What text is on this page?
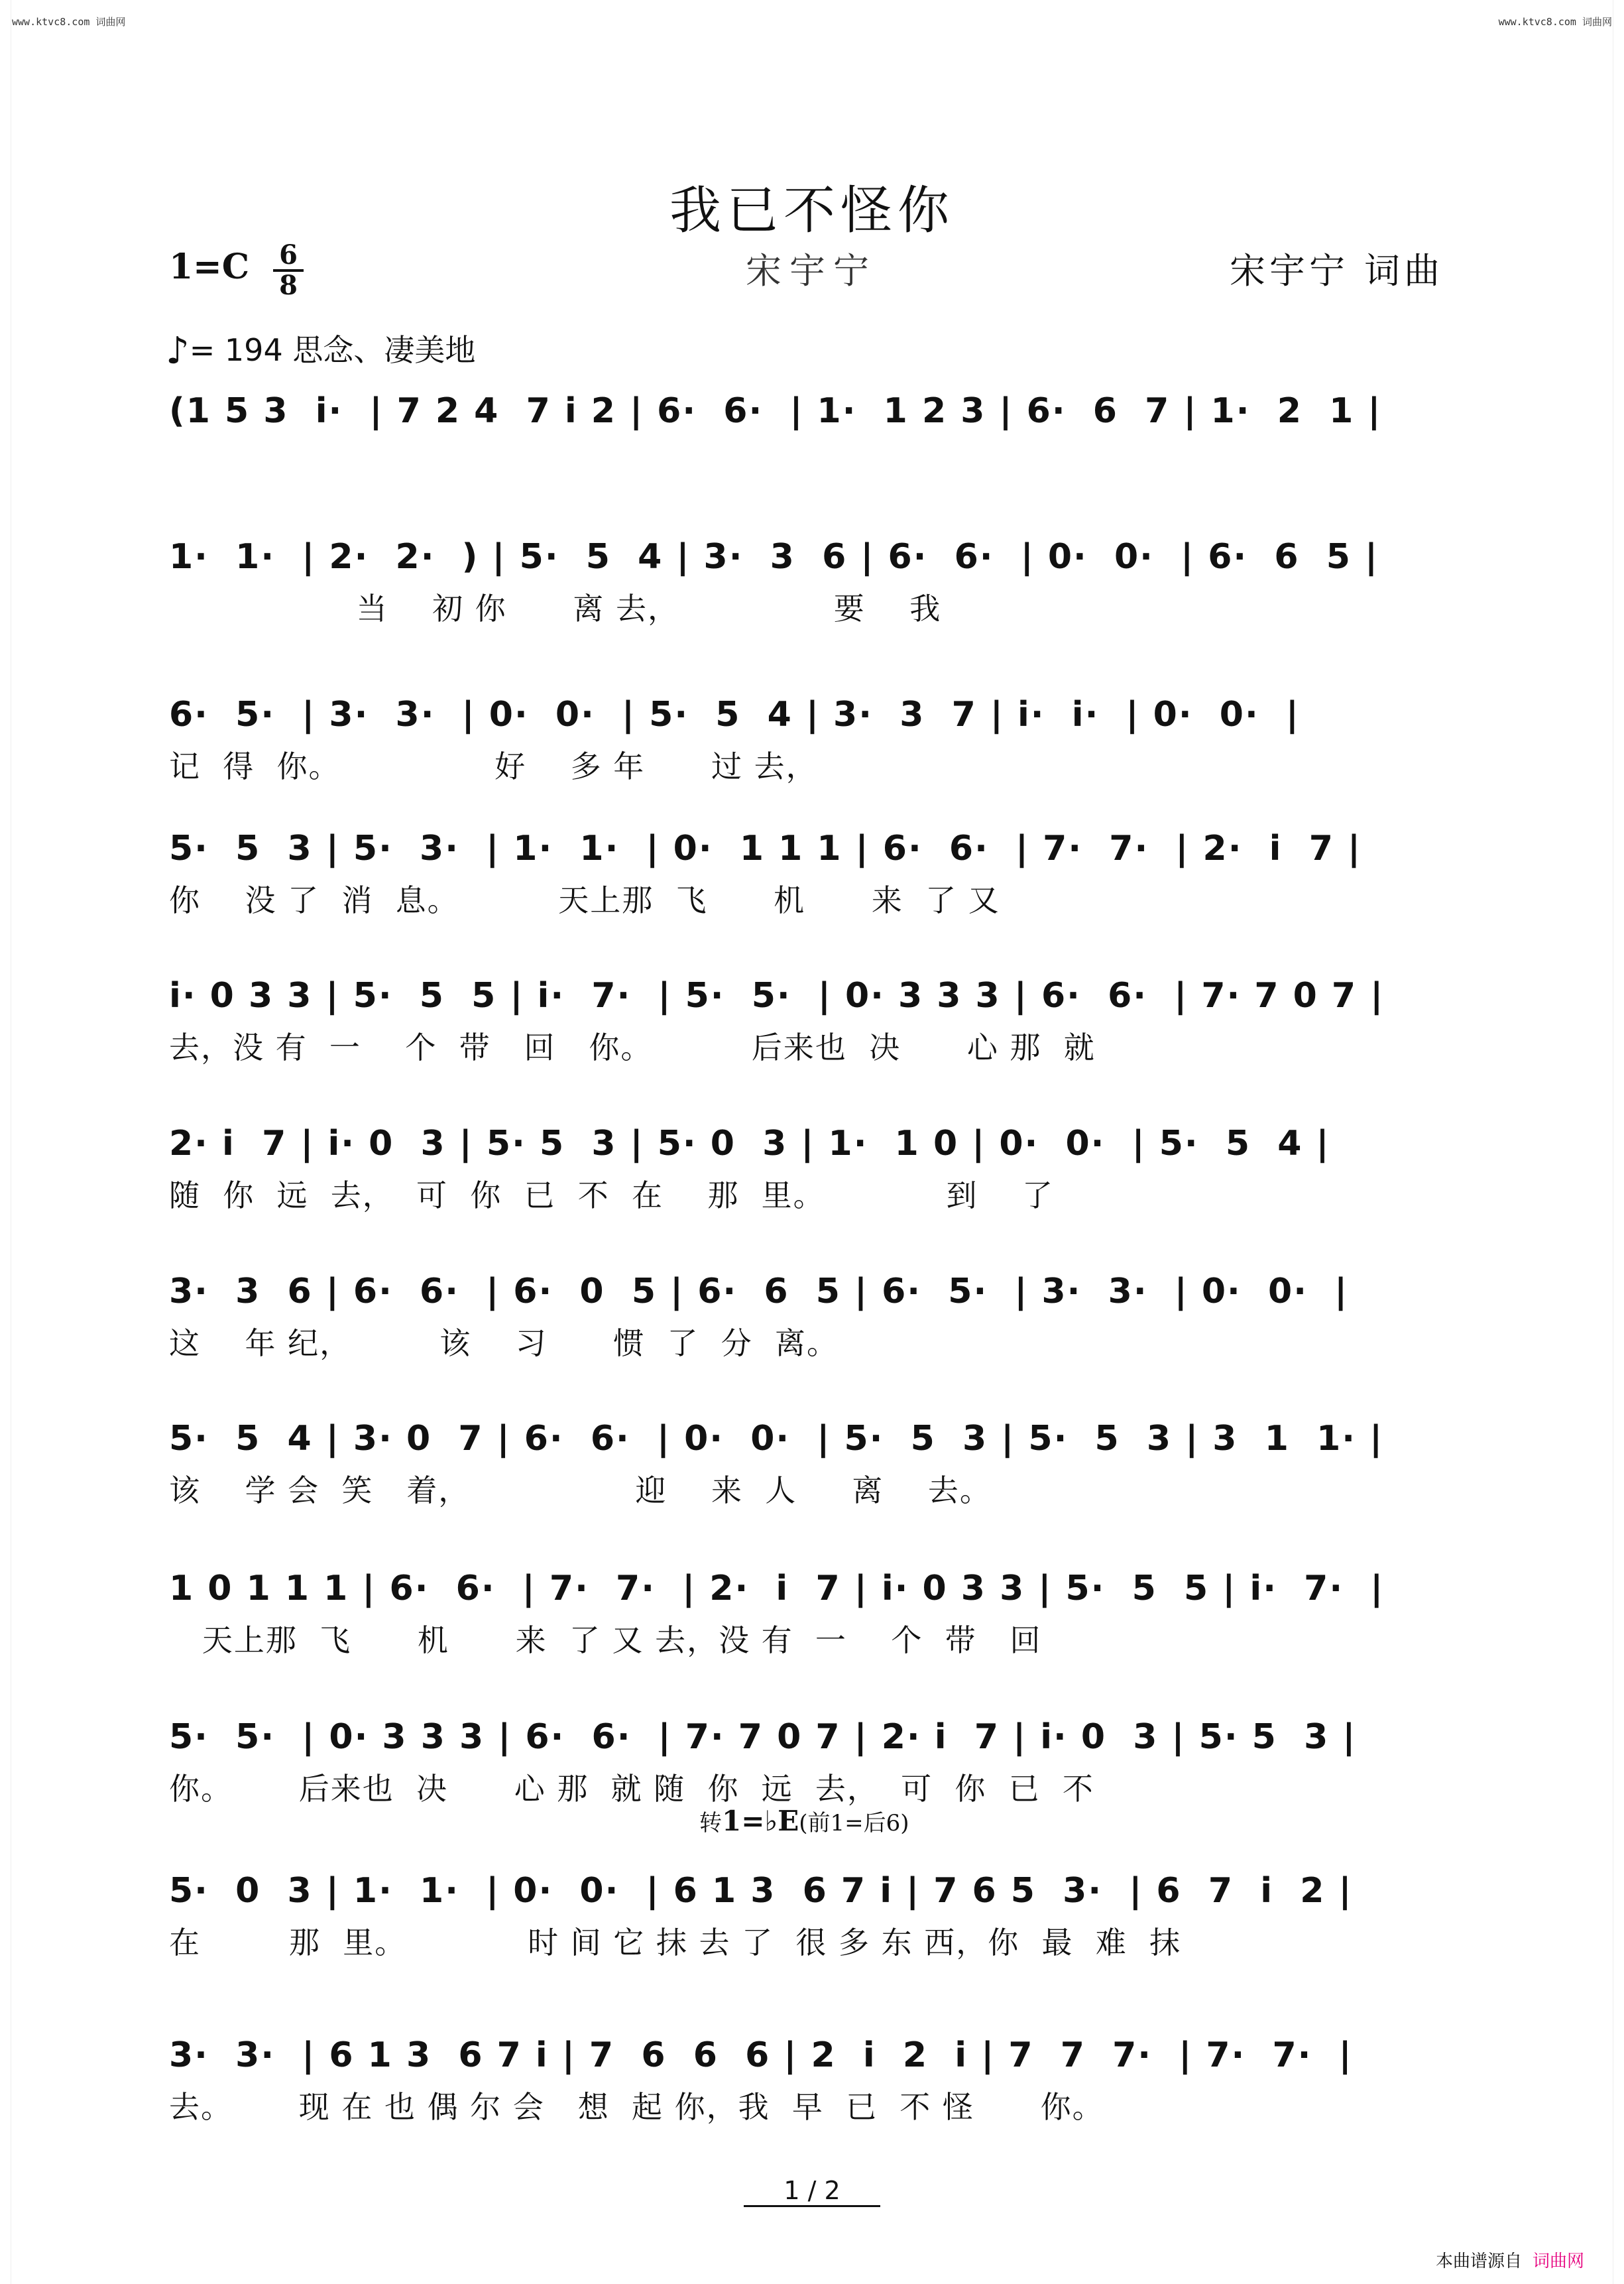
www.ktvc8.com 词曲网	www.ktvc8.com 词曲网
我已不怪你
1=C 6
8	宋宇宁	宋宇宁 词曲
♪= 194 思念、凄美地
(1 5 3  i·  | 7 2 4  7 i 2 | 6·  6·  | 1·  1 2 3 | 6·  6  7 | 1·  2  1 |
1·  1·  | 2·  2·  ) | 5·  5  4 | 3·  3  6 | 6·  6·  | 0·  0·  | 6·  6  5 |
当    初 你      离 去，              要    我
6·  5·  | 3·  3·  | 0·  0·  | 5·  5  4 | 3·  3  7 | i·  i·  | 0·  0·  |
记  得  你。              好    多 年      过 去，
5·  5  3 | 5·  3·  | 1·  1·  | 0·  1 1 1 | 6·  6·  | 7·  7·  | 2·  i  7 |
你    没 了  消  息。         天上那  飞      机      来  了 又
i· 0 3 3 | 5·  5  5 | i·  7·  | 5·  5·  | 0· 3 3 3 | 6·  6·  | 7· 7 0 7 |
去，没 有  一    个  带   回   你。         后来也  决      心 那  就
2· i  7 | i· 0  3 | 5· 5  3 | 5· 0  3 | 1·  1 0 | 0·  0·  | 5·  5  4 |
随  你  远  去，  可  你  已  不  在    那  里。           到    了
3·  3  6 | 6·  6·  | 6·  0  5 | 6·  6  5 | 6·  5·  | 3·  3·  | 0·  0·  |
这    年 纪，        该    习      惯  了  分  离。
5·  5  4 | 3· 0  7 | 6·  6·  | 0·  0·  | 5·  5  3 | 5·  5  3 | 3  1  1· |
该    学 会  笑   着，               迎    来  人     离    去。
1 0 1 1 1 | 6·  6·  | 7·  7·  | 2·  i  7 | i· 0 3 3 | 5·  5  5 | i·  7·  |
天上那  飞      机      来  了 又 去，没 有  一    个  带   回
5·  5·  | 0· 3 3 3 | 6·  6·  | 7· 7 0 7 | 2· i  7 | i· 0  3 | 5· 5  3 |
你。      后来也  决      心 那  就 随  你  远  去，  可  你  已  不
5·  0  3 | 1·  1·  | 0·  0·  | 6 1 3  6 7 i | 7 6 5  3·  | 6  7  i  2 |
在        那  里。           时 间 它 抹 去 了  很 多 东 西，你  最  难  抹
3·  3·  | 6 1 3  6 7 i | 7  6  6  6 | 2  i  2  i | 7  7  7·  | 7·  7·  |
去。      现 在 也 偶 尔 会   想  起 你，我  早  已  不 怪      你。
转1=♭E(前1=后6)
1 / 2
本曲谱源自 词曲网
